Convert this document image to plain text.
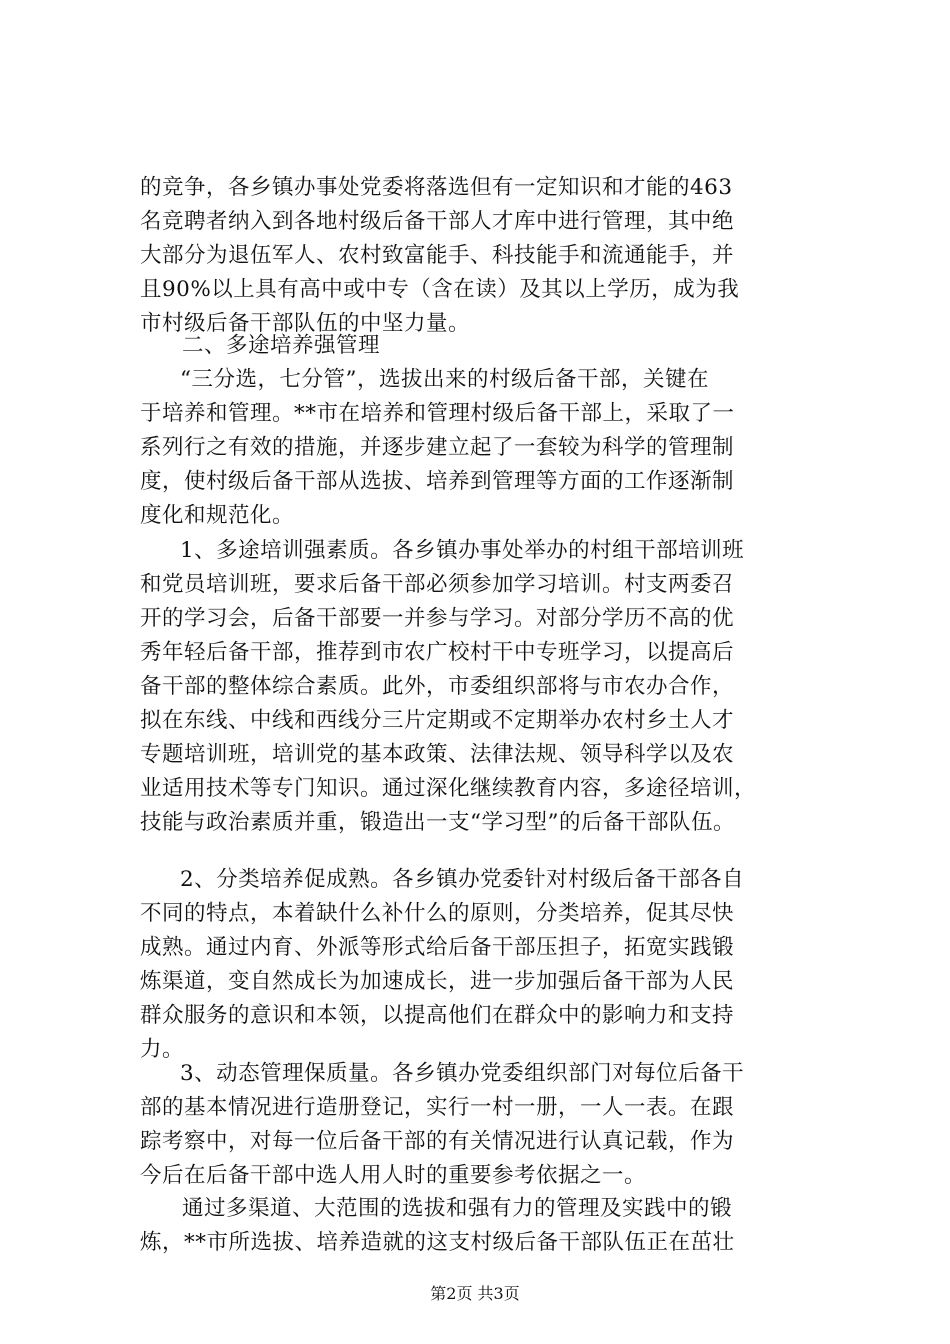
的竞争，各乡镇办事处党委将落选但有一定知识和才能的463
名竞聘者纳入到各地村级后备干部人才库中进行管理，其中绝
大部分为退伍军人、农村致富能手、科技能手和流通能手，并
且90%以上具有高中或中专（含在读）及其以上学历，成为我
市村级后备干部队伍的中坚力量。
二、多途培养强管理
“三分选，七分管”，选拔出来的村级后备干部，关键在
于培养和管理。**市在培养和管理村级后备干部上，采取了一
系列行之有效的措施，并逐步建立起了一套较为科学的管理制
度，使村级后备干部从选拔、培养到管理等方面的工作逐渐制
度化和规范化。
1、多途培训强素质。各乡镇办事处举办的村组干部培训班
和党员培训班，要求后备干部必须参加学习培训。村支两委召
开的学习会，后备干部要一并参与学习。对部分学历不高的优
秀年轻后备干部，推荐到市农广校村干中专班学习，以提高后
备干部的整体综合素质。此外，市委组织部将与市农办合作，
拟在东线、中线和西线分三片定期或不定期举办农村乡土人才
专题培训班，培训党的基本政策、法律法规、领导科学以及农
业适用技术等专门知识。通过深化继续教育内容，多途径培训，
技能与政治素质并重，锻造出一支“学习型”的后备干部队伍。
2、分类培养促成熟。各乡镇办党委针对村级后备干部各自
不同的特点，本着缺什么补什么的原则，分类培养，促其尽快
成熟。通过内育、外派等形式给后备干部压担子，拓宽实践锻
炼渠道，变自然成长为加速成长，进一步加强后备干部为人民
群众服务的意识和本领，以提高他们在群众中的影响力和支持
力。
3、动态管理保质量。各乡镇办党委组织部门对每位后备干
部的基本情况进行造册登记，实行一村一册，一人一表。在跟
踪考察中，对每一位后备干部的有关情况进行认真记载，作为
今后在后备干部中选人用人时的重要参考依据之一。
通过多渠道、大范围的选拔和强有力的管理及实践中的锻
炼，**市所选拔、培养造就的这支村级后备干部队伍正在茁壮
第2页 共3页
